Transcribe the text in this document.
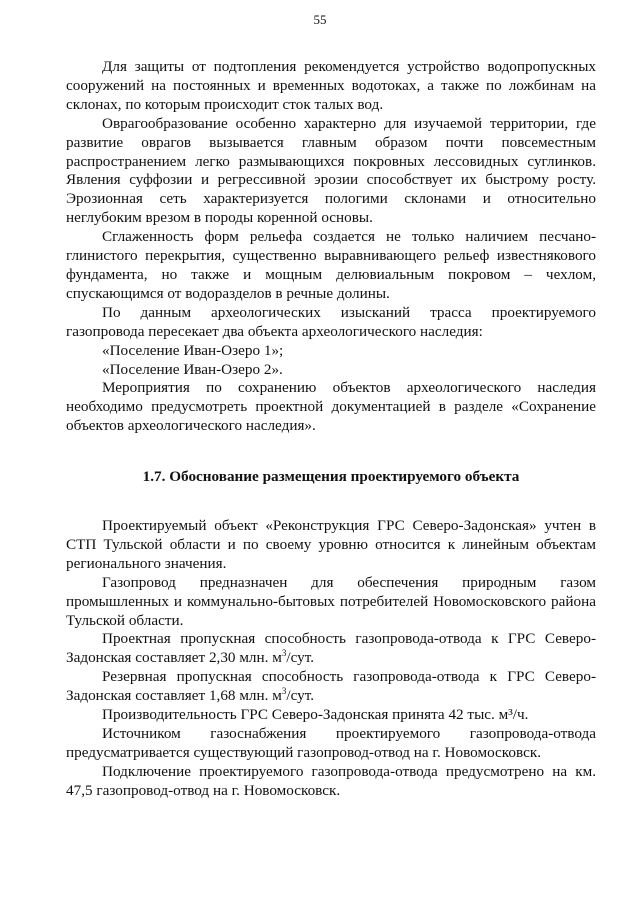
55

Для защиты от подтопления рекомендуется устройство водопропускных сооружений на постоянных и временных водотоках, а также по ложбинам на склонах, по которым происходит сток талых вод.

Оврагообразование особенно характерно для изучаемой территории, где развитие оврагов вызывается главным образом почти повсеместным распространением легко размывающихся покровных лессовидных суглинков. Явления суффозии и регрессивной эрозии способствует их быстрому росту. Эрозионная сеть характеризуется пологими склонами и относительно неглубоким врезом в породы коренной основы.

Сглаженность форм рельефа создается не только наличием песчано-глинистого перекрытия, существенно выравнивающего рельеф известнякового фундамента, но также и мощным делювиальным покровом – чехлом, спускающимся от водоразделов в речные долины.

По данным археологических изысканий трасса проектируемого газопровода пересекает два объекта археологического наследия:

«Поселение Иван-Озеро 1»;

«Поселение Иван-Озеро 2».

Мероприятия по сохранению объектов археологического наследия необходимо предусмотреть проектной документацией в разделе «Сохранение объектов археологического наследия».

1.7. Обоснование размещения проектируемого объекта

Проектируемый объект «Реконструкция ГРС Северо-Задонская» учтен в СТП Тульской области и по своему уровню относится к линейным объектам регионального значения.

Газопровод предназначен для обеспечения природным газом промышленных и коммунально-бытовых потребителей Новомосковского района Тульской области.

Проектная пропускная способность газопровода-отвода к ГРС Северо-Задонская составляет 2,30 млн. $м^3$/сут.

Резервная пропускная способность газопровода-отвода к ГРС Северо-Задонская составляет 1,68 млн. $м^3$/сут.

Производительность ГРС Северо-Задонская принята 42 тыс. м³/ч.

Источником газоснабжения проектируемого газопровода-отвода предусматривается существующий газопровод-отвод на г. Новомосковск.

Подключение проектируемого газопровода-отвода предусмотрено на км. 47,5 газопровод-отвод на г. Новомосковск.
